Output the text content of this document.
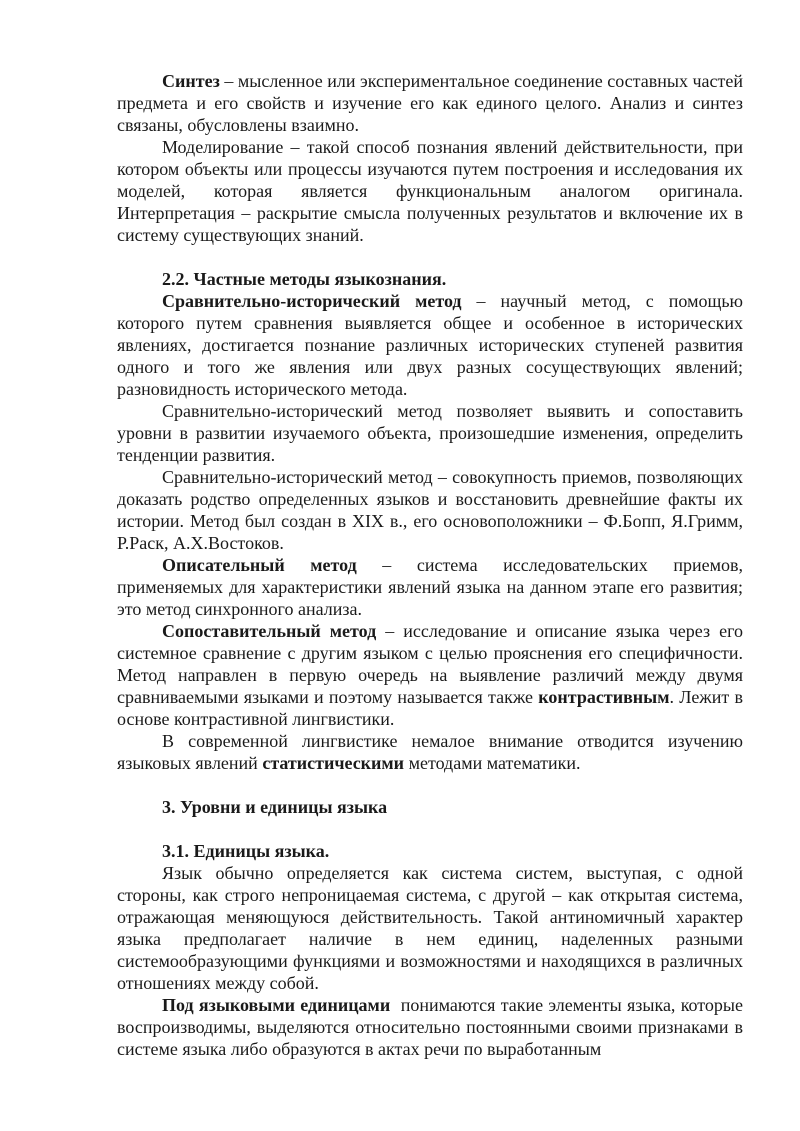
Синтез – мысленное или экспериментальное соединение составных частей предмета и его свойств и изучение его как единого целого. Анализ и синтез связаны, обусловлены взаимно.

Моделирование – такой способ познания явлений действительности, при котором объекты или процессы изучаются путем построения и исследования их моделей, которая является функциональным аналогом оригинала. Интерпретация – раскрытие смысла полученных результатов и включение их в систему существующих знаний.

2.2. Частные методы языкознания.

Сравнительно-исторический метод – научный метод, с помощью которого путем сравнения выявляется общее и особенное в исторических явлениях, достигается познание различных исторических ступеней развития одного и того же явления или двух разных сосуществующих явлений; разновидность исторического метода.

Сравнительно-исторический метод позволяет выявить и сопоставить уровни в развитии изучаемого объекта, произошедшие изменения, определить тенденции развития.

Сравнительно-исторический метод – совокупность приемов, позволяющих доказать родство определенных языков и восстановить древнейшие факты их истории. Метод был создан в XIX в., его основоположники – Ф.Бопп, Я.Гримм, Р.Раск, А.Х.Востоков.

Описательный метод – система исследовательских приемов, применяемых для характеристики явлений языка на данном этапе его развития; это метод синхронного анализа.

Сопоставительный метод – исследование и описание языка через его системное сравнение с другим языком с целью прояснения его специфичности. Метод направлен в первую очередь на выявление различий между двумя сравниваемыми языками и поэтому называется также контрастивным. Лежит в основе контрастивной лингвистики.

В современной лингвистике немалое внимание отводится изучению языковых явлений статистическими методами математики.

3. Уровни и единицы языка
3.1. Единицы языка.

Язык обычно определяется как система систем, выступая, с одной стороны, как строго непроницаемая система, с другой – как открытая система, отражающая меняющуюся действительность. Такой антиномичный характер языка предполагает наличие в нем единиц, наделенных разными системообразующими функциями и возможностями и находящихся в различных отношениях между собой.

Под языковыми единицами  понимаются такие элементы языка, которые воспроизводимы, выделяются относительно постоянными своими признаками в системе языка либо образуются в актах речи по выработанным
